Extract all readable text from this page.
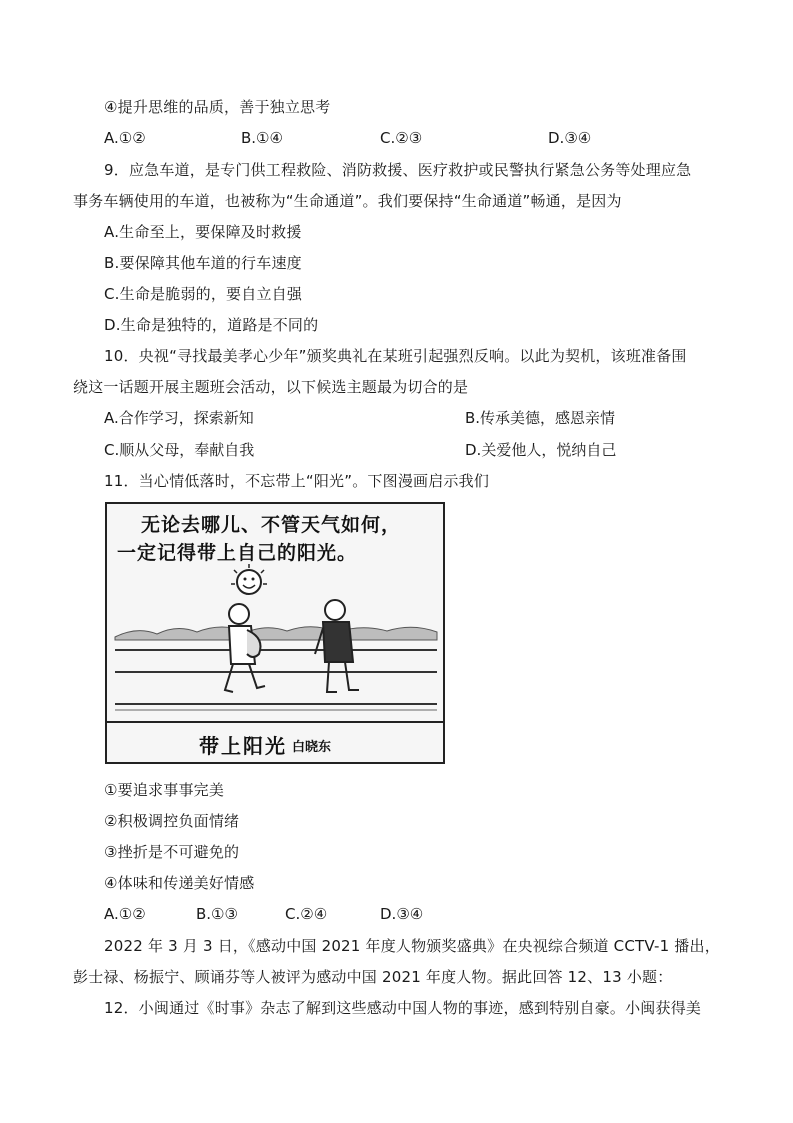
④提升思维的品质，善于独立思考
A.①②	B.①④	C.②③	D.③④
9．应急车道，是专门供工程救险、消防救援、医疗救护或民警执行紧急公务等处理应急
事务车辆使用的车道，也被称为“生命通道”。我们要保持“生命通道”畅通，是因为
A.生命至上，要保障及时救援
B.要保障其他车道的行车速度
C.生命是脆弱的，要自立自强
D.生命是独特的，道路是不同的
10．央视“寻找最美孝心少年”颁奖典礼在某班引起强烈反响。以此为契机，该班准备围
绕这一话题开展主题班会活动，以下候选主题最为切合的是
A.合作学习，探索新知	B.传承美德，感恩亲情
C.顺从父母，奉献自我	D.关爱他人，悦纳自己
11．当心情低落时，不忘带上“阳光”。下图漫画启示我们
无论去哪儿、不管天气如何，
一定记得带上自己的阳光。
带上阳光 白晓东
①要追求事事完美
②积极调控负面情绪
③挫折是不可避免的
④体味和传递美好情感
A.①②	B.①③	C.②④	D.③④
2022 年 3 月 3 日，《感动中国 2021 年度人物颁奖盛典》在央视综合频道 CCTV-1 播出，
彭士禄、杨振宁、顾诵芬等人被评为感动中国 2021 年度人物。据此回答 12、13 小题：
12．小闽通过《时事》杂志了解到这些感动中国人物的事迹，感到特别自豪。小闽获得美
